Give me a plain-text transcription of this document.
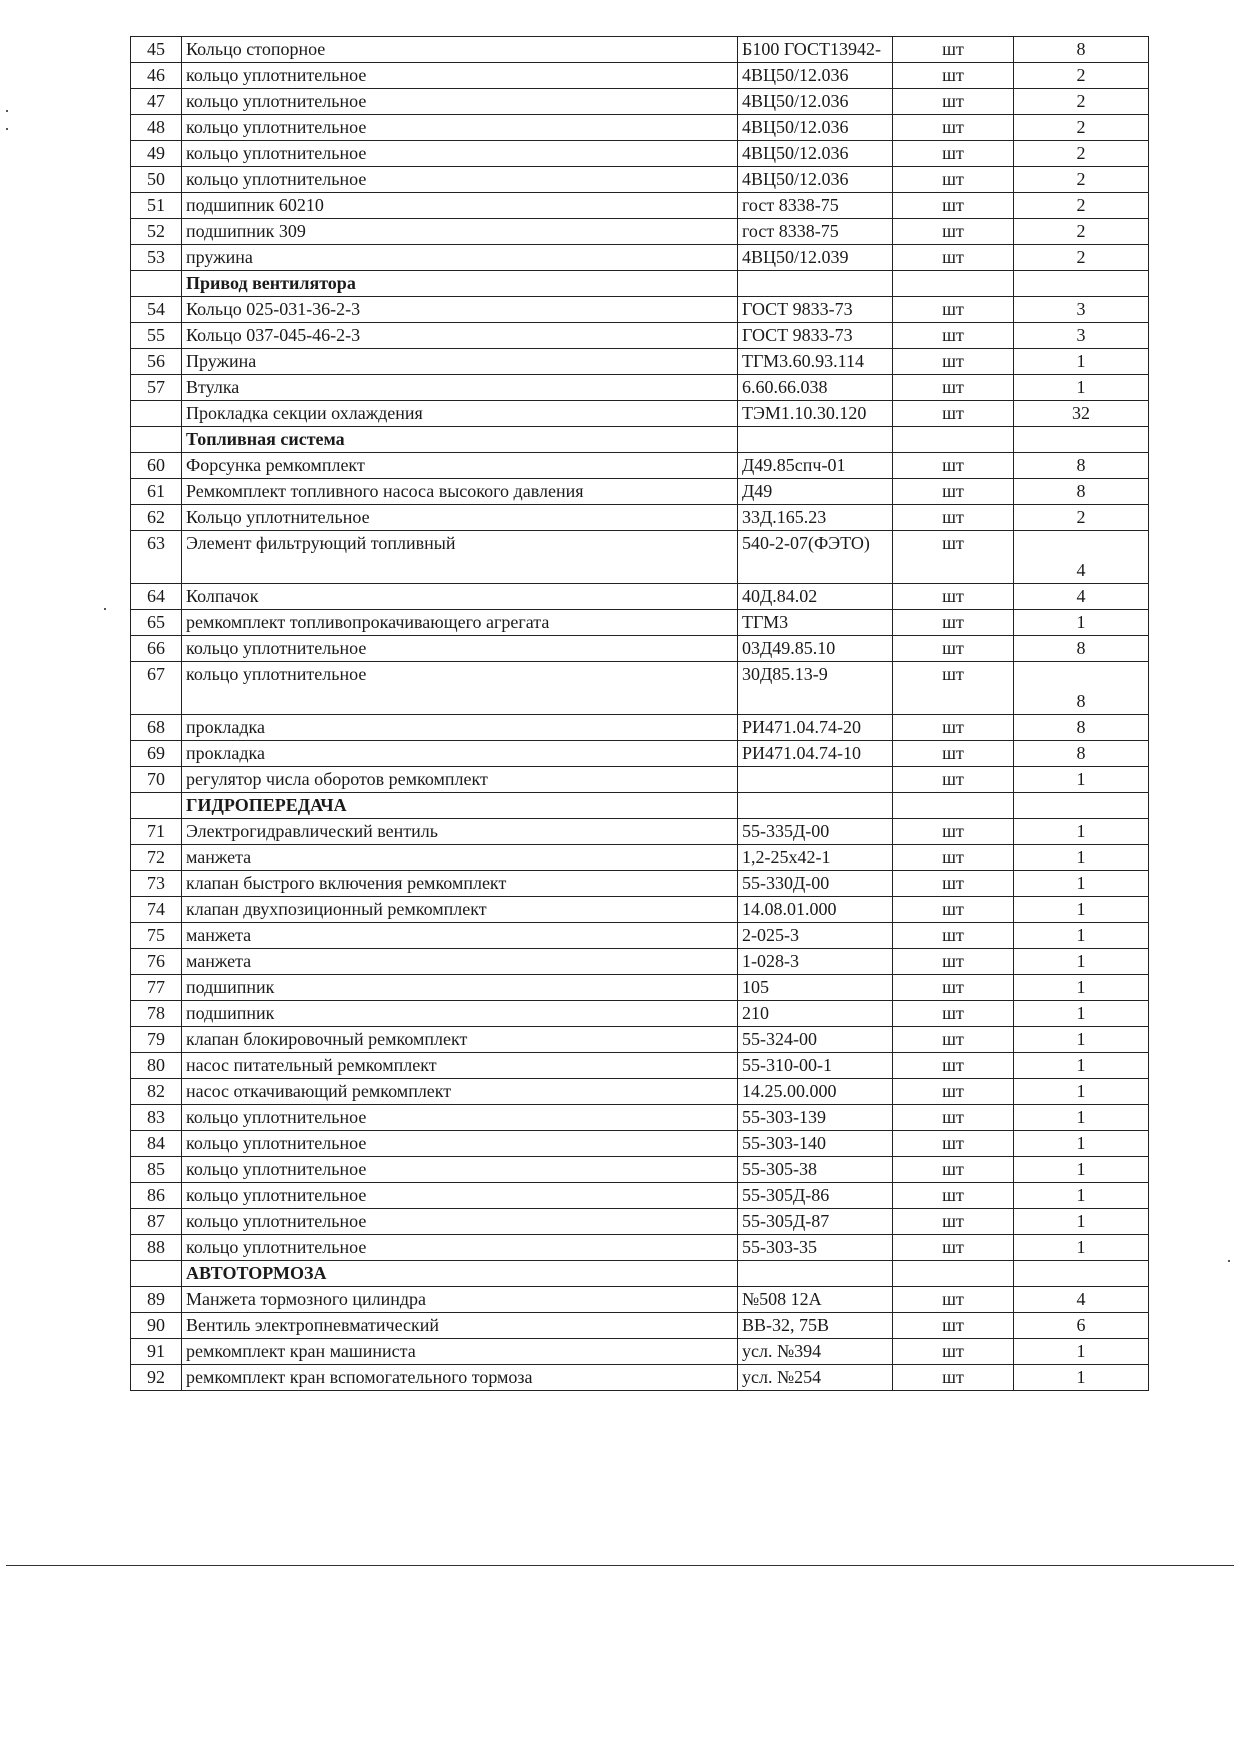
45	Кольцо стопорное	Б100 ГОСТ13942-	шт	8
46	кольцо уплотнительное	4ВЦ50/12.036	шт	2
47	кольцо уплотнительное	4ВЦ50/12.036	шт	2
48	кольцо уплотнительное	4ВЦ50/12.036	шт	2
49	кольцо уплотнительное	4ВЦ50/12.036	шт	2
50	кольцо уплотнительное	4ВЦ50/12.036	шт	2
51	подшипник 60210	гост 8338-75	шт	2
52	подшипник 309	гост 8338-75	шт	2
53	пружина	4ВЦ50/12.039	шт	2
	Привод вентилятора			
54	Кольцо 025-031-36-2-3	ГОСТ 9833-73	шт	3
55	Кольцо 037-045-46-2-3	ГОСТ 9833-73	шт	3
56	Пружина	ТГМ3.60.93.114	шт	1
57	Втулка	6.60.66.038	шт	1
	Прокладка секции охлаждения	ТЭМ1.10.30.120	шт	32
	Топливная система			
60	Форсунка ремкомплект	Д49.85спч-01	шт	8
61	Ремкомплект топливного насоса высокого давления	Д49	шт	8
62	Кольцо уплотнительное	33Д.165.23	шт	2
63	Элемент фильтрующий топливный	540-2-07(ФЭТО)	шт	4
64	Колпачок	40Д.84.02	шт	4
65	ремкомплект топливопрокачивающего агрегата	ТГМ3	шт	1
66	кольцо уплотнительное	03Д49.85.10	шт	8
67	кольцо уплотнительное	30Д85.13-9	шт	8
68	прокладка	РИ471.04.74-20	шт	8
69	прокладка	РИ471.04.74-10	шт	8
70	регулятор числа оборотов ремкомплект		шт	1
	ГИДРОПЕРЕДАЧА			
71	Электрогидравлический вентиль	55-335Д-00	шт	1
72	манжета	1,2-25х42-1	шт	1
73	клапан быстрого включения ремкомплект	55-330Д-00	шт	1
74	клапан двухпозиционный ремкомплект	14.08.01.000	шт	1
75	манжета	2-025-3	шт	1
76	манжета	1-028-3	шт	1
77	подшипник	105	шт	1
78	подшипник	210	шт	1
79	клапан блокировочный ремкомплект	55-324-00	шт	1
80	насос питательный ремкомплект	55-310-00-1	шт	1
82	насос откачивающий ремкомплект	14.25.00.000	шт	1
83	кольцо уплотнительное	55-303-139	шт	1
84	кольцо уплотнительное	55-303-140	шт	1
85	кольцо уплотнительное	55-305-38	шт	1
86	кольцо уплотнительное	55-305Д-86	шт	1
87	кольцо уплотнительное	55-305Д-87	шт	1
88	кольцо уплотнительное	55-303-35	шт	1
	АВТОТОРМОЗА			
89	Манжета тормозного цилиндра	№508 12А	шт	4
90	Вентиль электропневматический	ВВ-32, 75В	шт	6
91	ремкомплект кран машиниста	усл. №394	шт	1
92	ремкомплект кран вспомогательного тормоза	усл. №254	шт	1
